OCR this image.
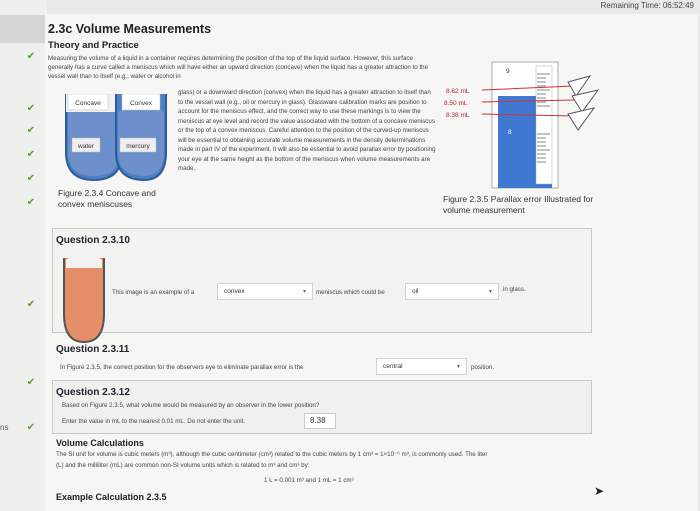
✔
✔
✔
✔
✔
✔
✔
✔
✔
ns
Remaining Time: 06:52:49
2.3c Volume Measurements
Theory and Practice
Measuring the volume of a liquid in a container requires determining the position of the top of the liquid surface. However, this surface generally has a curve called a meniscus which will have either an upward direction (concave) when the liquid has a greater attraction to the vessel wall than to itself (e.g., water or alcohol in
glass) or a downward direction (convex) when the liquid has a greater attraction to itself than to the vessel wall (e.g., oil or mercury in glass). Glassware calibration marks are position to account for the meniscus effect, and the correct way to use these markings is to view the meniscus at eye level and record the value associated with the bottom of a concave meniscus or the top of a convex meniscus. Careful attention to the position of the curved-up meniscus will be essential to obtaining accurate volume measurements in the density determinations made in part IV of the experiment. It will also be essential to avoid parallax error by positioning your eye at the same height as the bottom of the meniscus when volume measurements are made.
Concave	Convex
water	mercury
Figure 2.3.4 Concave and convex meniscuses
9
8
8.62 mL
8.50 mL
8.38 mL
Figure 2.3.5 Parallax error Illustrated for volume measurement
Question 2.3.10
This image is an example of a	convex	▾ meniscus which could be	oil	▾ in glass.
Question 2.3.11
In Figure 2.3.5, the correct position for the observers eye to eliminate parallax error is the	central	▾ position.
Question 2.3.12
Based on Figure 2.3.5, what volume would be measured by an observer in the lower position?
Enter the value in mL to the nearest 0.01 mL. Do not enter the unit.	8.38
Volume Calculations
The SI unit for volume is cubic meters (m³), although the cubic centimeter (cm³) related to the cubic meters by 1 cm³ = 1×10⁻⁶ m³, is commonly used. The liter
(L) and the milliliter (mL) are common non-SI volume units which is related to m³ and cm³ by:
1 L = 0.001 m³ and 1 mL = 1 cm³
Example Calculation 2.3.5	➤
